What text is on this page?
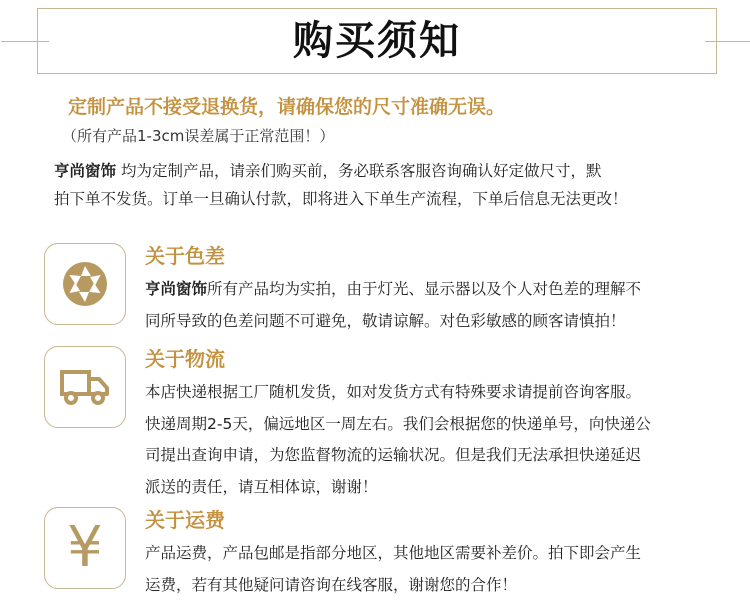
购买须知
定制产品不接受退换货，请确保您的尺寸准确无误。
（所有产品1-3cm误差属于正常范围！）
亨尚窗饰 均为定制产品，请亲们购买前，务必联系客服咨询确认好定做尺寸，默
拍下单不发货。订单一旦确认付款，即将进入下单生产流程，下单后信息无法更改！
关于色差
亨尚窗饰所有产品均为实拍，由于灯光、显示器以及个人对色差的理解不
同所导致的色差问题不可避免，敬请谅解。对色彩敏感的顾客请慎拍！
关于物流
本店快递根据工厂随机发货，如对发货方式有特殊要求请提前咨询客服。
快递周期2-5天，偏远地区一周左右。我们会根据您的快递单号，向快递公
司提出查询申请，为您监督物流的运输状况。但是我们无法承担快递延迟
派送的责任，请互相体谅，谢谢！
¥ 关于运费
产品运费，产品包邮是指部分地区，其他地区需要补差价。拍下即会产生
运费，若有其他疑问请咨询在线客服，谢谢您的合作！
